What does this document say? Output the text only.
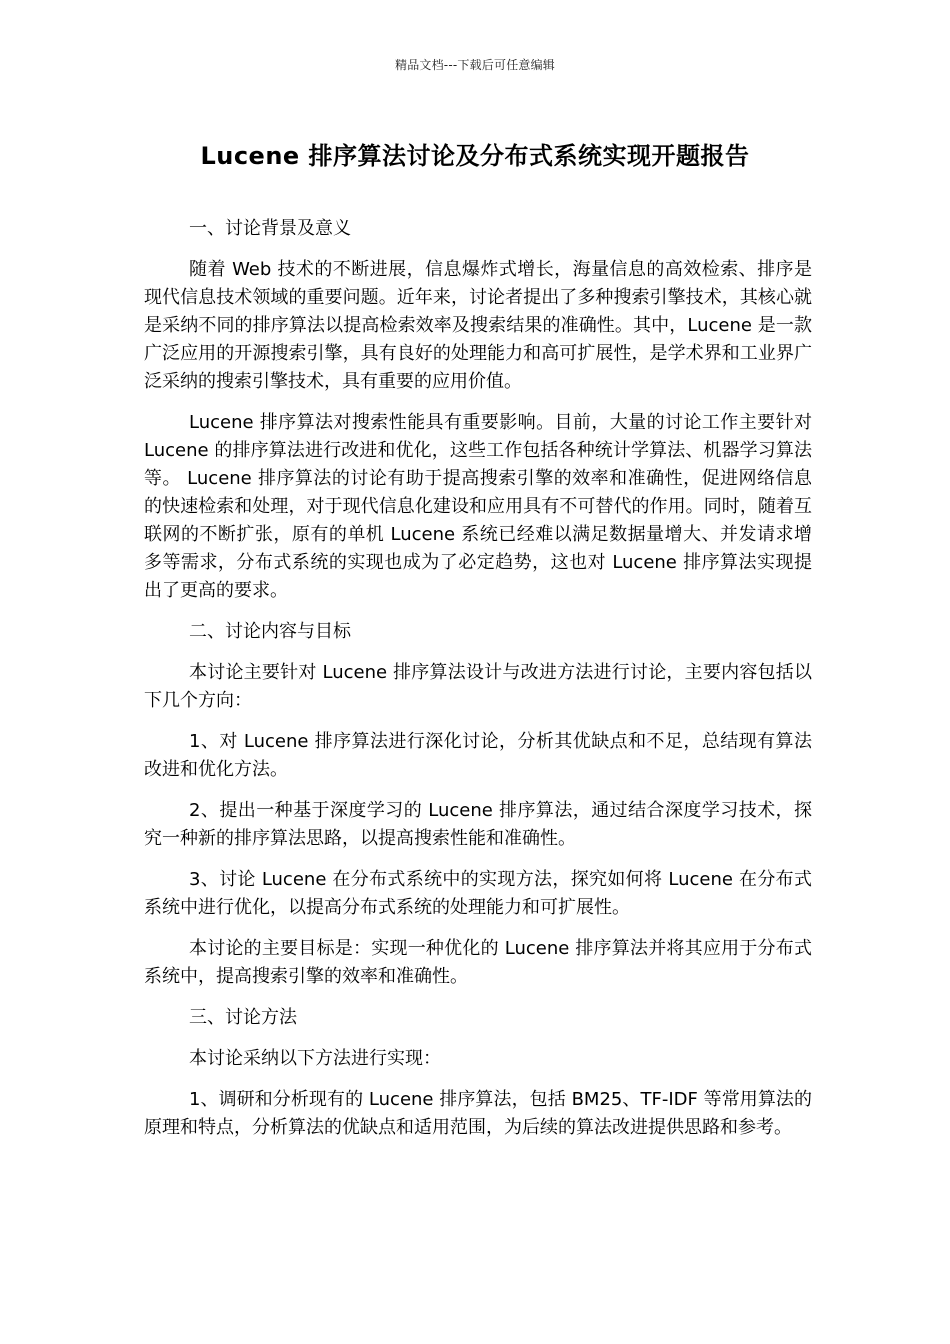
精品文档---下载后可任意编辑
Lucene 排序算法讨论及分布式系统实现开题报告

一、讨论背景及意义

随着 Web 技术的不断进展，信息爆炸式增长，海量信息的高效检索、排序是现代信息技术领域的重要问题。近年来，讨论者提出了多种搜索引擎技术，其核心就是采纳不同的排序算法以提高检索效率及搜索结果的准确性。其中，Lucene 是一款广泛应用的开源搜索引擎，具有良好的处理能力和高可扩展性，是学术界和工业界广泛采纳的搜索引擎技术，具有重要的应用价值。

Lucene 排序算法对搜索性能具有重要影响。目前，大量的讨论工作主要针对 Lucene 的排序算法进行改进和优化，这些工作包括各种统计学算法、机器学习算法等。 Lucene 排序算法的讨论有助于提高搜索引擎的效率和准确性，促进网络信息的快速检索和处理，对于现代信息化建设和应用具有不可替代的作用。同时，随着互联网的不断扩张，原有的单机 Lucene 系统已经难以满足数据量增大、并发请求增多等需求，分布式系统的实现也成为了必定趋势，这也对 Lucene 排序算法实现提出了更高的要求。

二、讨论内容与目标

本讨论主要针对 Lucene 排序算法设计与改进方法进行讨论，主要内容包括以下几个方向：

1、对 Lucene 排序算法进行深化讨论，分析其优缺点和不足，总结现有算法改进和优化方法。

2、提出一种基于深度学习的 Lucene 排序算法，通过结合深度学习技术，探究一种新的排序算法思路，以提高搜索性能和准确性。

3、讨论 Lucene 在分布式系统中的实现方法，探究如何将 Lucene 在分布式系统中进行优化，以提高分布式系统的处理能力和可扩展性。

本讨论的主要目标是：实现一种优化的 Lucene 排序算法并将其应用于分布式系统中，提高搜索引擎的效率和准确性。

三、讨论方法

本讨论采纳以下方法进行实现：

1、调研和分析现有的 Lucene 排序算法，包括 BM25、TF-IDF 等常用算法的原理和特点，分析算法的优缺点和适用范围，为后续的算法改进提供思路和参考。
